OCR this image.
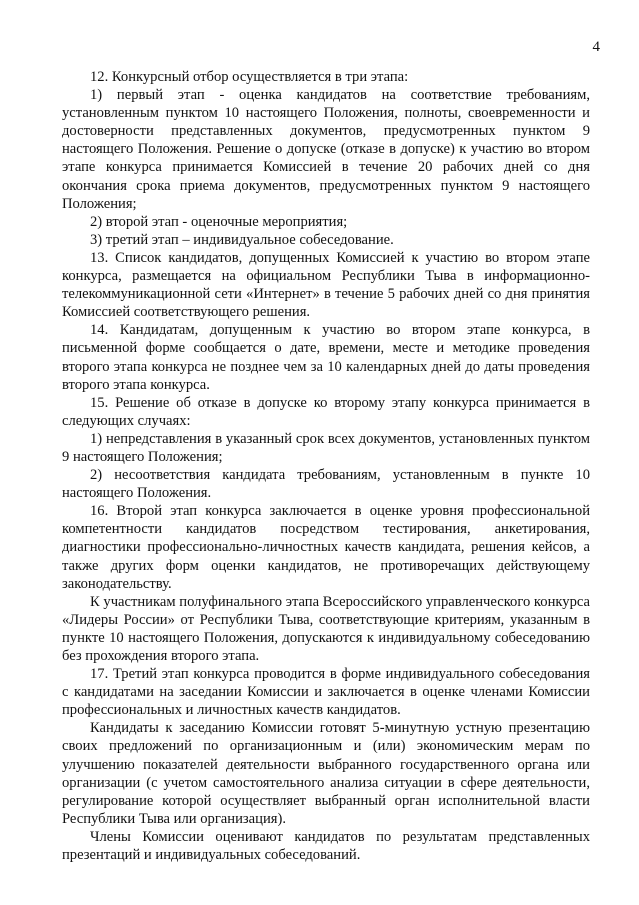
4

12. Конкурсный отбор осуществляется в три этапа:

1) первый этап - оценка кандидатов на соответствие требованиям, установленным пунктом 10 настоящего Положения, полноты, своевременности и достоверности представленных документов, предусмотренных пунктом 9 настоящего Положения. Решение о допуске (отказе в допуске) к участию во втором этапе конкурса принимается Комиссией в течение 20 рабочих дней со дня окончания срока приема документов, предусмотренных пунктом 9 настоящего Положения;

2) второй этап - оценочные мероприятия;

3) третий этап – индивидуальное собеседование.

13. Список кандидатов, допущенных Комиссией к участию во втором этапе конкурса, размещается на официальном Республики Тыва в информационно-телекоммуникационной сети «Интернет» в течение 5 рабочих дней со дня принятия Комиссией соответствующего решения.

14. Кандидатам, допущенным к участию во втором этапе конкурса, в письменной форме сообщается о дате, времени, месте и методике проведения второго этапа конкурса не позднее чем за 10 календарных дней до даты проведения второго этапа конкурса.

15. Решение об отказе в допуске ко второму этапу конкурса принимается в следующих случаях:

1) непредставления в указанный срок всех документов, установленных пунктом 9 настоящего Положения;

2) несоответствия кандидата требованиям, установленным в пункте 10 настоящего Положения.

16. Второй этап конкурса заключается в оценке уровня профессиональной компетентности кандидатов посредством тестирования, анкетирования, диагностики профессионально-личностных качеств кандидата, решения кейсов, а также других форм оценки кандидатов, не противоречащих действующему законодательству.

К участникам полуфинального этапа Всероссийского управленческого конкурса «Лидеры России» от Республики Тыва, соответствующие критериям, указанным в пункте 10 настоящего Положения, допускаются к индивидуальному собеседованию без прохождения второго этапа.

17. Третий этап конкурса проводится в форме индивидуального собеседования с кандидатами на заседании Комиссии и заключается в оценке членами Комиссии профессиональных и личностных качеств кандидатов.

Кандидаты к заседанию Комиссии готовят 5-минутную устную презентацию своих предложений по организационным и (или) экономическим мерам по улучшению показателей деятельности выбранного государственного органа или организации (с учетом самостоятельного анализа ситуации в сфере деятельности, регулирование которой осуществляет выбранный орган исполнительной власти Республики Тыва или организация).

Члены Комиссии оценивают кандидатов по результатам представленных презентаций и индивидуальных собеседований.
